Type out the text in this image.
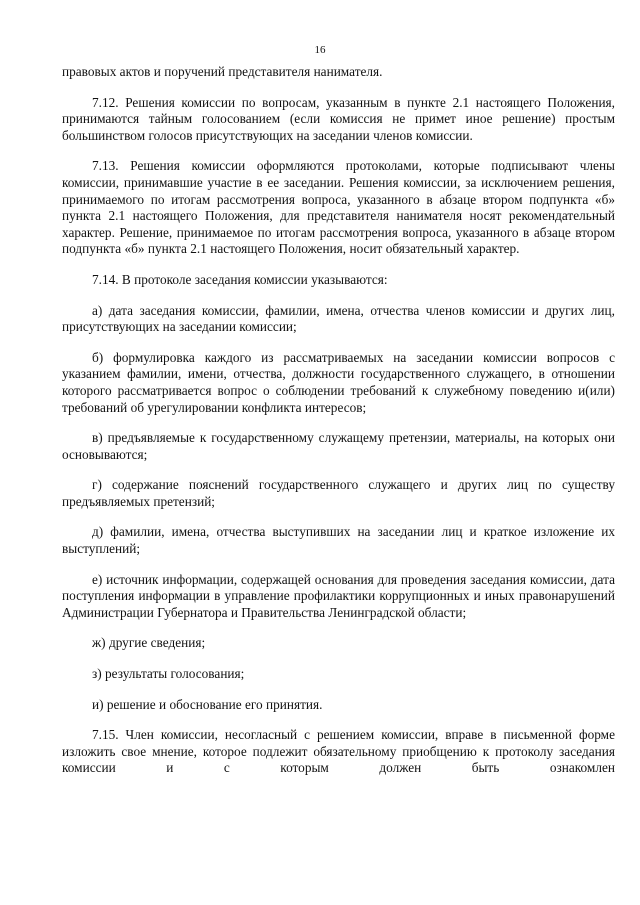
16

правовых актов и поручений представителя нанимателя.

7.12. Решения комиссии по вопросам, указанным в пункте 2.1 настоящего Положения, принимаются тайным голосованием (если комиссия не примет иное решение) простым большинством голосов присутствующих на заседании членов комиссии.

7.13. Решения комиссии оформляются протоколами, которые подписывают члены комиссии, принимавшие участие в ее заседании. Решения комиссии, за исключением решения, принимаемого по итогам рассмотрения вопроса, указанного в абзаце втором подпункта «б» пункта 2.1 настоящего Положения, для представителя нанимателя носят рекомендательный характер. Решение, принимаемое по итогам рассмотрения вопроса, указанного в абзаце втором подпункта «б» пункта 2.1 настоящего Положения, носит обязательный характер.

7.14. В протоколе заседания комиссии указываются:

а) дата заседания комиссии, фамилии, имена, отчества членов комиссии и других лиц, присутствующих на заседании комиссии;

б) формулировка каждого из рассматриваемых на заседании комиссии вопросов с указанием фамилии, имени, отчества, должности государственного служащего, в отношении которого рассматривается вопрос о соблюдении требований к служебному поведению и(или) требований об урегулировании конфликта интересов;

в) предъявляемые к государственному служащему претензии, материалы, на которых они основываются;

г) содержание пояснений государственного служащего и других лиц по существу предъявляемых претензий;

д) фамилии, имена, отчества выступивших на заседании лиц и краткое изложение их выступлений;

е) источник информации, содержащей основания для проведения заседания комиссии, дата поступления информации в управление профилактики коррупционных и иных правонарушений Администрации Губернатора и Правительства Ленинградской области;

ж) другие сведения;

з) результаты голосования;

и) решение и обоснование его принятия.

7.15. Член комиссии, несогласный с решением комиссии, вправе в письменной форме изложить свое мнение, которое подлежит обязательному приобщению к протоколу заседания комиссии и с которым должен быть ознакомлен
